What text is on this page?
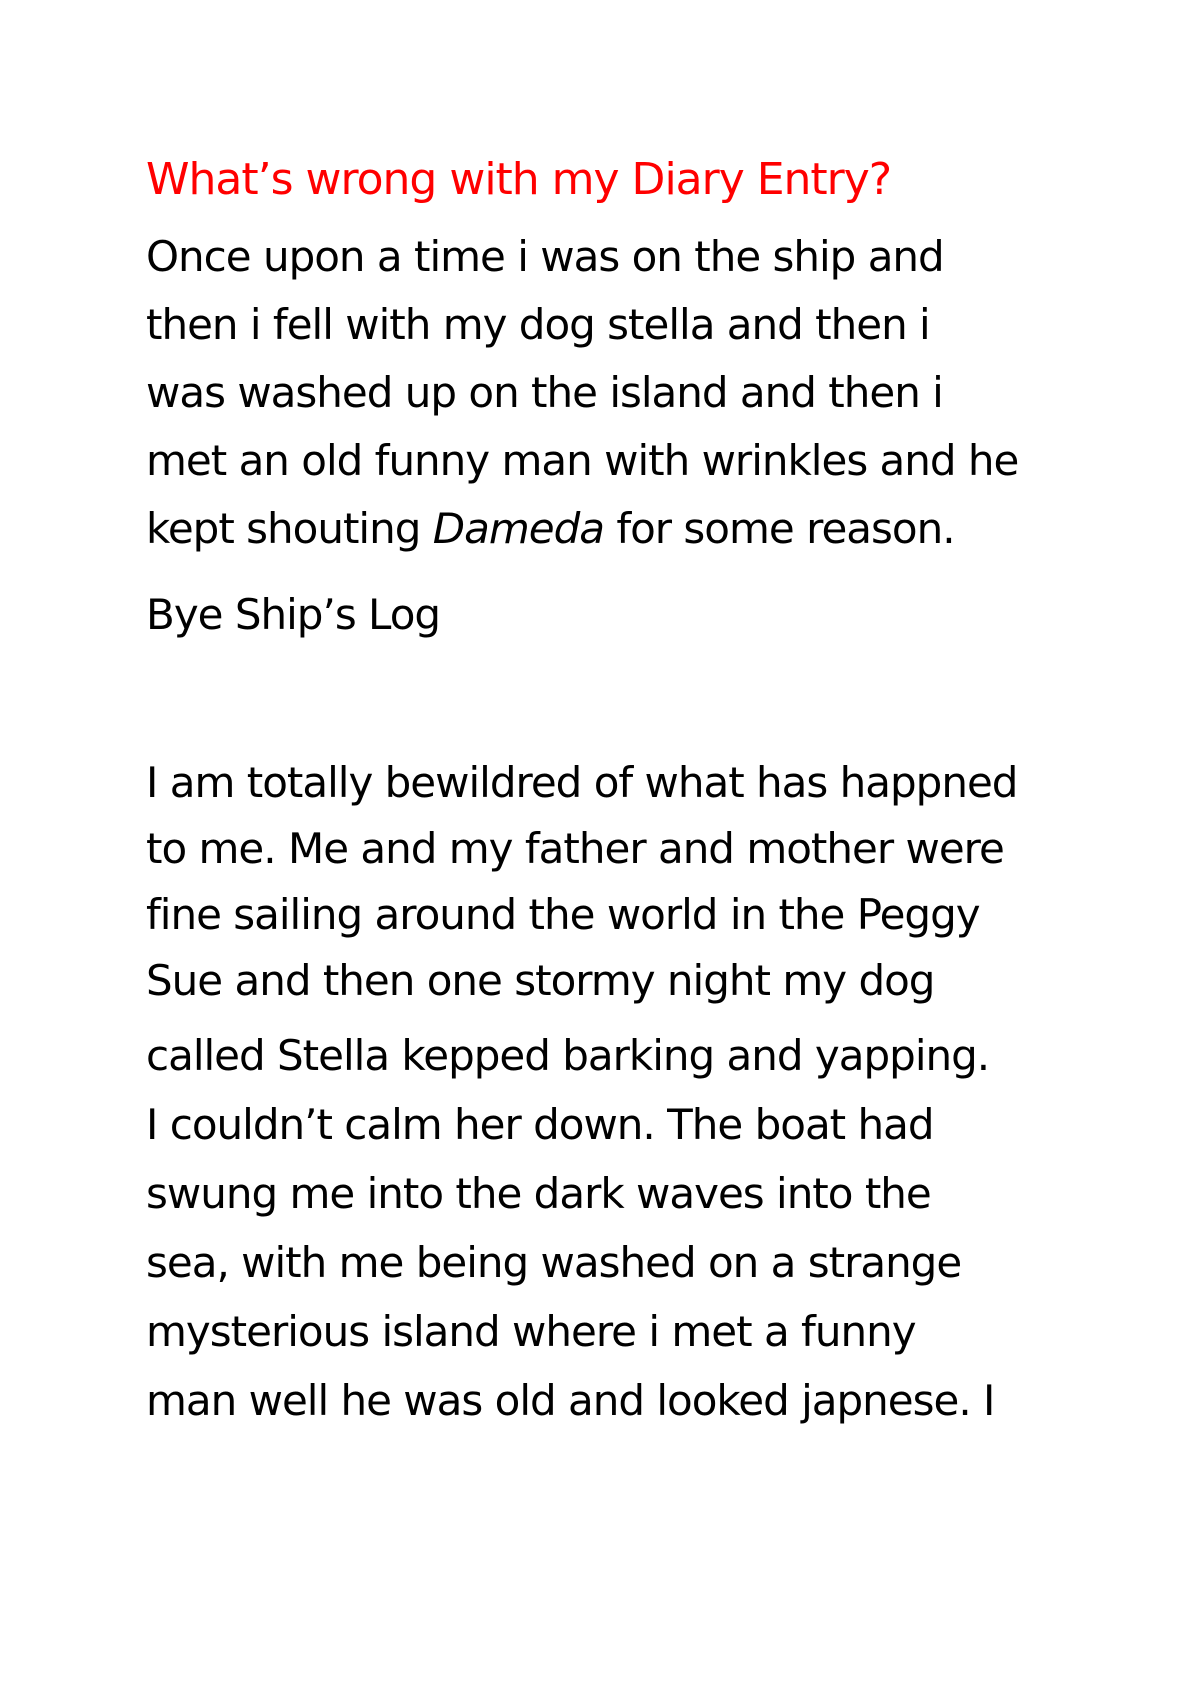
What’s wrong with my Diary Entry?
Once upon a time i was on the ship and
then i fell with my dog stella and then i
was washed up on the island and then i
met an old funny man with wrinkles and he
kept shouting Dameda for some reason.
Bye Ship’s Log
I am totally bewildred of what has happned
to me. Me and my father and mother were
fine sailing around the world in the Peggy
Sue and then one stormy night my dog
called Stella kepped barking and yapping.
I couldn’t calm her down. The boat had
swung me into the dark waves into the
sea, with me being washed on a strange
mysterious island where i met a funny
man well he was old and looked japnese. I
